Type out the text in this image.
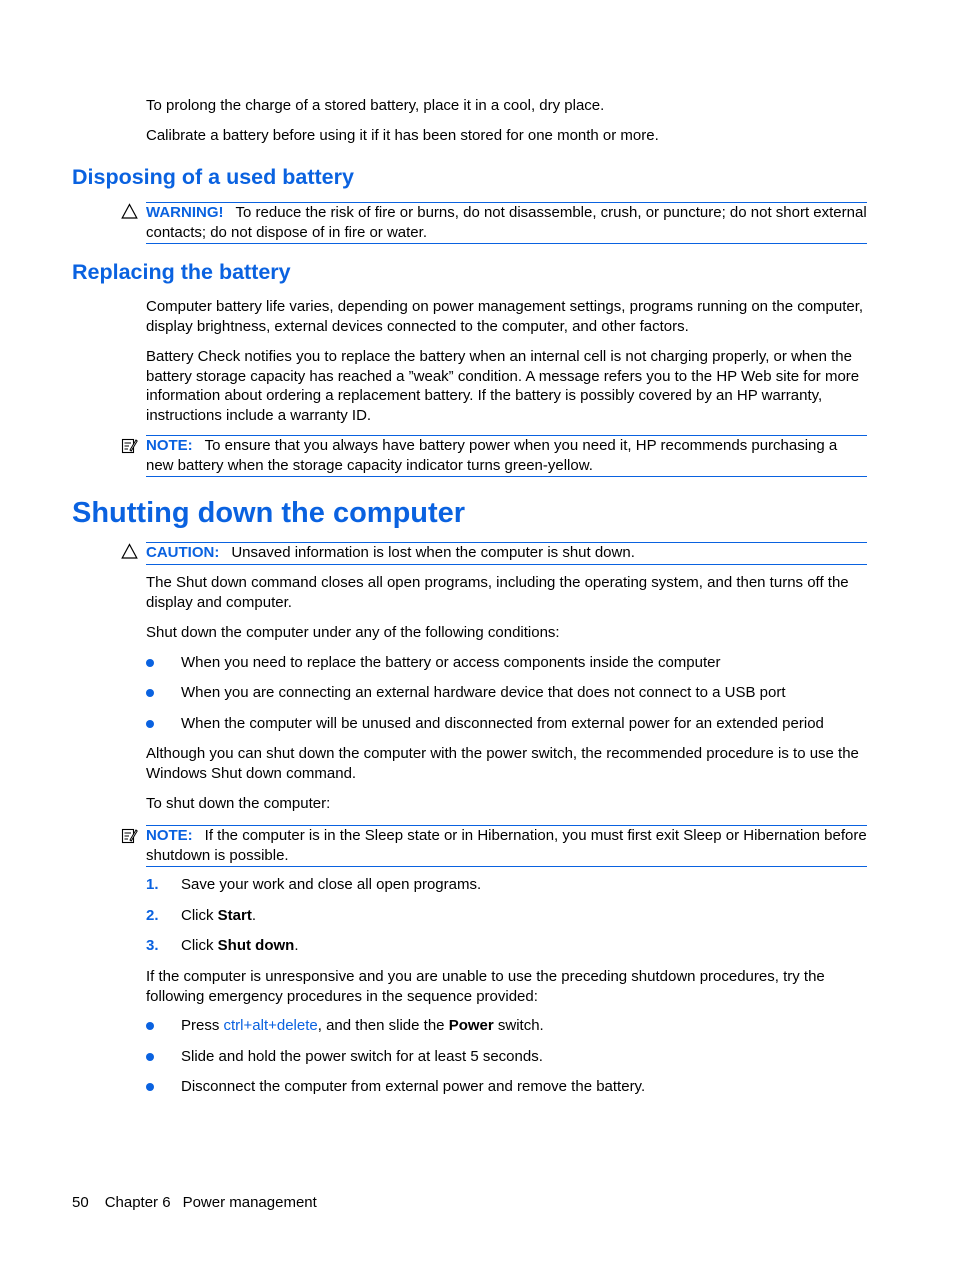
To prolong the charge of a stored battery, place it in a cool, dry place.

Calibrate a battery before using it if it has been stored for one month or more.

Disposing of a used battery
WARNING! To reduce the risk of fire or burns, do not disassemble, crush, or puncture; do not short external contacts; do not dispose of in fire or water.
Replacing the battery

Computer battery life varies, depending on power management settings, programs running on the computer, display brightness, external devices connected to the computer, and other factors.

Battery Check notifies you to replace the battery when an internal cell is not charging properly, or when the battery storage capacity has reached a ”weak” condition. A message refers you to the HP Web site for more information about ordering a replacement battery. If the battery is possibly covered by an HP warranty, instructions include a warranty ID.

NOTE: To ensure that you always have battery power when you need it, HP recommends purchasing a new battery when the storage capacity indicator turns green-yellow.
Shutting down the computer
CAUTION: Unsaved information is lost when the computer is shut down.

The Shut down command closes all open programs, including the operating system, and then turns off the display and computer.

Shut down the computer under any of the following conditions:

When you need to replace the battery or access components inside the computer
When you are connecting an external hardware device that does not connect to a USB port
When the computer will be unused and disconnected from external power for an extended period

Although you can shut down the computer with the power switch, the recommended procedure is to use the Windows Shut down command.

To shut down the computer:

NOTE: If the computer is in the Sleep state or in Hibernation, you must first exit Sleep or Hibernation before shutdown is possible.
1. Save your work and close all open programs.
2. Click Start.
3. Click Shut down.

If the computer is unresponsive and you are unable to use the preceding shutdown procedures, try the following emergency procedures in the sequence provided:

Press ctrl+alt+delete, and then slide the Power switch.
Slide and hold the power switch for at least 5 seconds.
Disconnect the computer from external power and remove the battery.
50 Chapter 6 Power management
